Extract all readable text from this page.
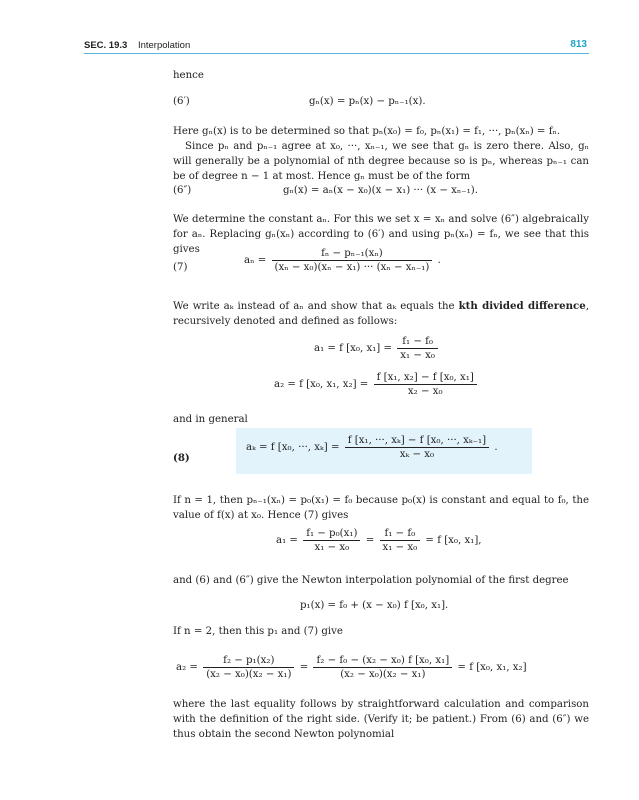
SEC. 19.3 Interpolation	813

hence

(6′)	gₙ(x) = pₙ(x) − pₙ₋₁(x).

Here gₙ(x) is to be determined so that pₙ(x₀) = f₀, pₙ(x₁) = f₁, ···, pₙ(xₙ) = fₙ.

Since pₙ and pₙ₋₁ agree at x₀, ···, xₙ₋₁, we see that gₙ is zero there. Also, gₙ will generally be a polynomial of nth degree because so is pₙ, whereas pₙ₋₁ can be of degree n − 1 at most. Hence gₙ must be of the form

(6″)	gₙ(x) = aₙ(x − x₀)(x − x₁) ··· (x − xₙ₋₁).

We determine the constant aₙ. For this we set x = xₙ and solve (6″) algebraically for aₙ. Replacing gₙ(xₙ) according to (6′) and using pₙ(xₙ) = fₙ, we see that this gives

(7)
$a_n = \frac{\text{fₙ − pₙ₋₁(xₙ)}}{\text{(xₙ − x₀)(xₙ − x₁) ··· (xₙ − xₙ₋₁)}}$ .

We write aₖ instead of aₙ and show that aₖ equals the kth divided difference, recursively denoted and defined as follows:

a₁ = f [x₀, $x_1] = \frac{\text{f₁ − f₀}}{\text{x₁ − x₀}}$
a₂ = f [x₀, x₁, $x_2] = \frac{\text{f [x₁, x₂] − f [x₀, x₁]}}{\text{x₂ − x₀}}$

and in general

(8)
aₖ = f [x₀, ···, $x_k] = \frac{\text{f [x₁, ···, xₖ] − f [x₀, ···, xₖ₋₁]}}{\text{xₖ − x₀}}$ .

If n = 1, then pₙ₋₁(xₙ) = p₀(x₁) = f₀ because p₀(x) is constant and equal to f₀, the value of f(x) at x₀. Hence (7) gives

$a_1 = \frac{\text{f₁ − p₀(x₁)}}{\text{x₁ − x₀}} = \frac{\text{f₁ − f₀}}{\text{x₁ − x₀}} = f$ [x₀, x₁],

and (6) and (6″) give the Newton interpolation polynomial of the first degree

p₁(x) = f₀ + (x − x₀) f [x₀, x₁].

If n = 2, then this p₁ and (7) give

$a_2 = \frac{\text{f₂ − p₁(x₂)}}{\text{(x₂ − x₀)(x₂ − x₁)}} = \frac{\text{f₂ − f₀ − (x₂ − x₀) f [x₀, x₁]}}{\text{(x₂ − x₀)(x₂ − x₁)}} = f$ [x₀, x₁, x₂]

where the last equality follows by straightforward calculation and comparison with the definition of the right side. (Verify it; be patient.) From (6) and (6″) we thus obtain the second Newton polynomial
